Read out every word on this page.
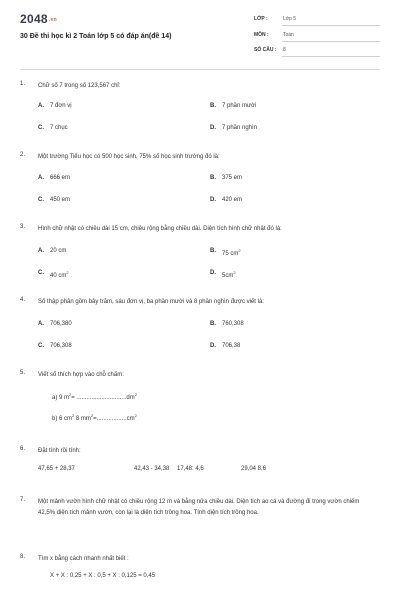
2048.vn
30 Đề thi học kì 2 Toán lớp 5 có đáp án(đề 14)
LỚP :	Lớp 5
MÔN :	Toán
SỐ CÂU : 8
1. Chữ số 7 trong số 123,567 chỉ:
A. 7 đơn vị	B. 7 phần mười
C. 7 chục	D. 7 phần nghìn
2. Một trường Tiểu học có 500 học sinh, 75% số học sinh trường đó là:
A. 666 em	B. 375 em
C. 450 em	D. 420 em
3. Hình chữ nhật có chiều dài 15 cm, chiều rộng bằng chiều dài. Diện tích hình chữ nhật đó là:
A. 20 cm	B. 75 $cm^2$
C. 40 $cm^2$	D. $5cm^2$
4. Số thập phân gồm bảy trăm, sáu đơn vị, ba phần mười và 8 phần nghìn được viết là:
A. 706,380	B. 760,308
C. 706,308	D. 706,38
5. Viết số thích hợp vào chỗ chấm:
a) 9 $m^2= ..............................dm^2$
b) 6 $cm^2$ 8 $mm^2=..................cm^2$
6. Đặt tính rồi tính:
47,65 + 28,37	42,43 - 34,38 17,48: 4,6	29,04 8,6
7. Một mảnh vườn hình chữ nhật có chiều rộng 12 m và bằng nửa chiều dài. Diện tích ao cá và đường đi trong vườn chiếm 42,5% diện tích mảnh vườn, còn lại là diện tích trồng hoa. Tính diện tích trồng hoa.
8. Tìm x bằng cách nhanh nhất biết :
X + X : 0,25 + X : 0,5 + X : 0,125 = 0,45
